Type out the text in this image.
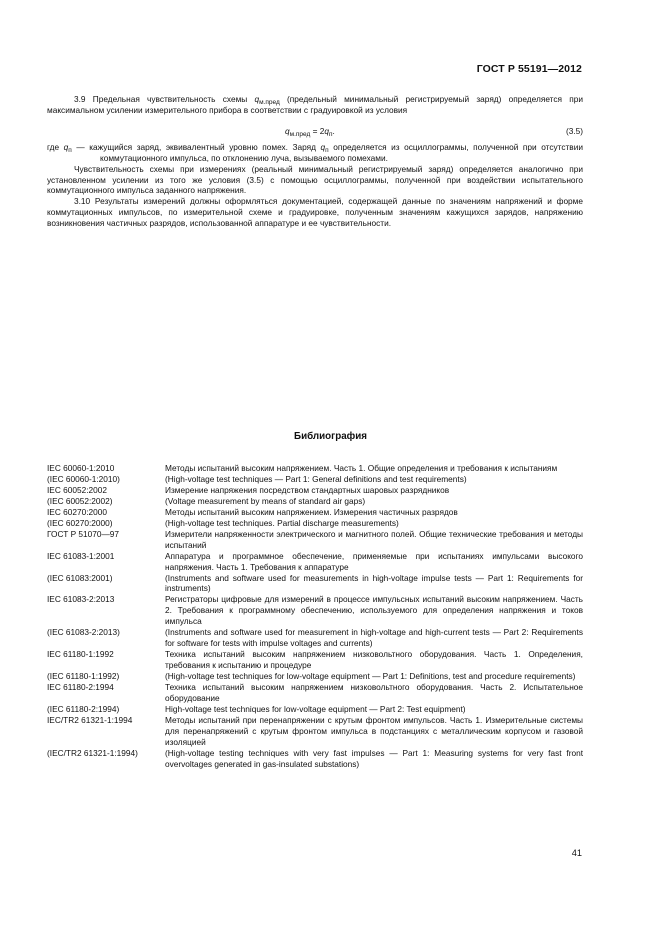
ГОСТ Р 55191—2012

3.9 Предельная чувствительность схемы $q_{м.пред}$ (предельный минимальный регистрируемый заряд) определяется при максимальном усилении измерительного прибора в соответствии с градуировкой из условия

$q_{м.пред} = 2q_п$.	(3.5)

где $q_п$ — кажущийся заряд, эквивалентный уровню помех. Заряд $q_п$ определяется из осциллограммы, полученной при отсутствии коммутационного импульса, по отклонению луча, вызываемого помехами.

Чувствительность схемы при измерениях (реальный минимальный регистрируемый заряд) определяется аналогично при установленном усилении из того же условия (3.5) с помощью осциллограммы, полученной при воздействии испытательного коммутационного импульса заданного напряжения.

3.10 Результаты измерений должны оформляться документацией, содержащей данные по значениям напряжений и форме коммутационных импульсов, по измерительной схеме и градуировке, полученным значениям кажущихся зарядов, напряжению возникновения частичных разрядов, использованной аппаратуре и ее чувствительности.

Библиография
IEC 60060-1:2010	Методы испытаний высоким напряжением. Часть 1. Общие определения и требования к испытаниям
(IEC 60060-1:2010)	(High-voltage test techniques — Part 1: General definitions and test requirements)
IEC 60052:2002	Измерение напряжения посредством стандартных шаровых разрядников
(IEC 60052:2002)	(Voltage measurement by means of standard air gaps)
IEC 60270:2000	Методы испытаний высоким напряжением. Измерения частичных разрядов
(IEC 60270:2000)	(High-voltage test techniques. Partial discharge measurements)
ГОСТ Р 51070—97	Измерители напряженности электрического и магнитного полей. Общие технические требования и методы испытаний
IEC 61083-1:2001	Аппаратура и программное обеспечение, применяемые при испытаниях импульсами высокого напряжения. Часть 1. Требования к аппаратуре
(IEC 61083:2001)	(Instruments and software used for measurements in high-voltage impulse tests — Part 1: Requirements for instruments)
IEC 61083-2:2013	Регистраторы цифровые для измерений в процессе импульсных испытаний высоким напряжением. Часть 2. Требования к программному обеспечению, используемого для определения напряжения и токов импульса
(IEC 61083-2:2013)	(Instruments and software used for measurement in high-voltage and high-current tests — Part 2: Requirements for software for tests with impulse voltages and currents)
IEC 61180-1:1992	Техника испытаний высоким напряжением низковольтного оборудования. Часть 1. Определения, требования к испытанию и процедуре
(IEC 61180-1:1992)	(High-voltage test techniques for low-voltage equipment — Part 1: Definitions, test and procedure requirements)
IEC 61180-2:1994	Техника испытаний высоким напряжением низковольтного оборудования. Часть 2. Испытательное оборудование
(IEC 61180-2:1994)	High-voltage test techniques for low-voltage equipment — Part 2: Test equipment)
IEC/TR2 61321-1:1994	Методы испытаний при перенапряжении с крутым фронтом импульсов. Часть 1. Измерительные системы для перенапряжений с крутым фронтом импульса в подстанциях с металлическим корпусом и газовой изоляцией
(IEC/TR2 61321-1:1994)	(High-voltage testing techniques with very fast impulses — Part 1: Measuring systems for very fast front overvoltages generated in gas-insulated substations)
41
